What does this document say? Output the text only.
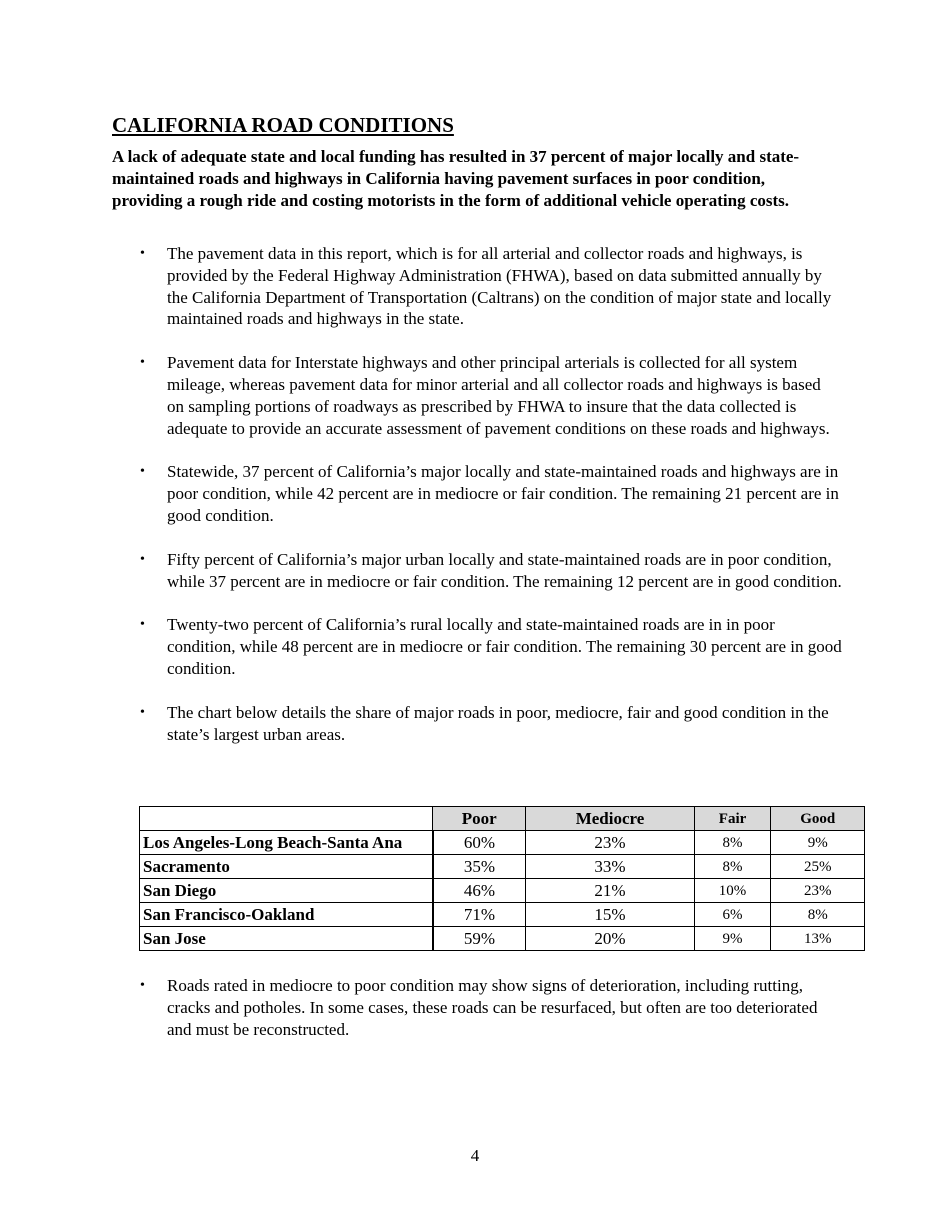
CALIFORNIA ROAD CONDITIONS

A lack of adequate state and local funding has resulted in 37 percent of major locally and state-maintained roads and highways in California having pavement surfaces in poor condition, providing a rough ride and costing motorists in the form of additional vehicle operating costs.

• The pavement data in this report, which is for all arterial and collector roads and highways, is provided by the Federal Highway Administration (FHWA), based on data submitted annually by the California Department of Transportation (Caltrans) on the condition of major state and locally maintained roads and highways in the state.
• Pavement data for Interstate highways and other principal arterials is collected for all system mileage, whereas pavement data for minor arterial and all collector roads and highways is based on sampling portions of roadways as prescribed by FHWA to insure that the data collected is adequate to provide an accurate assessment of pavement conditions on these roads and highways.
• Statewide, 37 percent of California’s major locally and state-maintained roads and highways are in poor condition, while 42 percent are in mediocre or fair condition. The remaining 21 percent are in good condition.
• Fifty percent of California’s major urban locally and state-maintained roads are in poor condition, while 37 percent are in mediocre or fair condition. The remaining 12 percent are in good condition.
• Twenty-two percent of California’s rural locally and state-maintained roads are in in poor condition, while 48 percent are in mediocre or fair condition. The remaining 30 percent are in good condition.
• The chart below details the share of major roads in poor, mediocre, fair and good condition in the state’s largest urban areas.
	Poor	Mediocre	Fair	Good
Los Angeles-Long Beach-Santa Ana	60%	23%	8%	9%
Sacramento	35%	33%	8%	25%
San Diego	46%	21%	10%	23%
San Francisco-Oakland	71%	15%	6%	8%
San Jose	59%	20%	9%	13%
• Roads rated in mediocre to poor condition may show signs of deterioration, including rutting, cracks and potholes. In some cases, these roads can be resurfaced, but often are too deteriorated and must be reconstructed.
4
